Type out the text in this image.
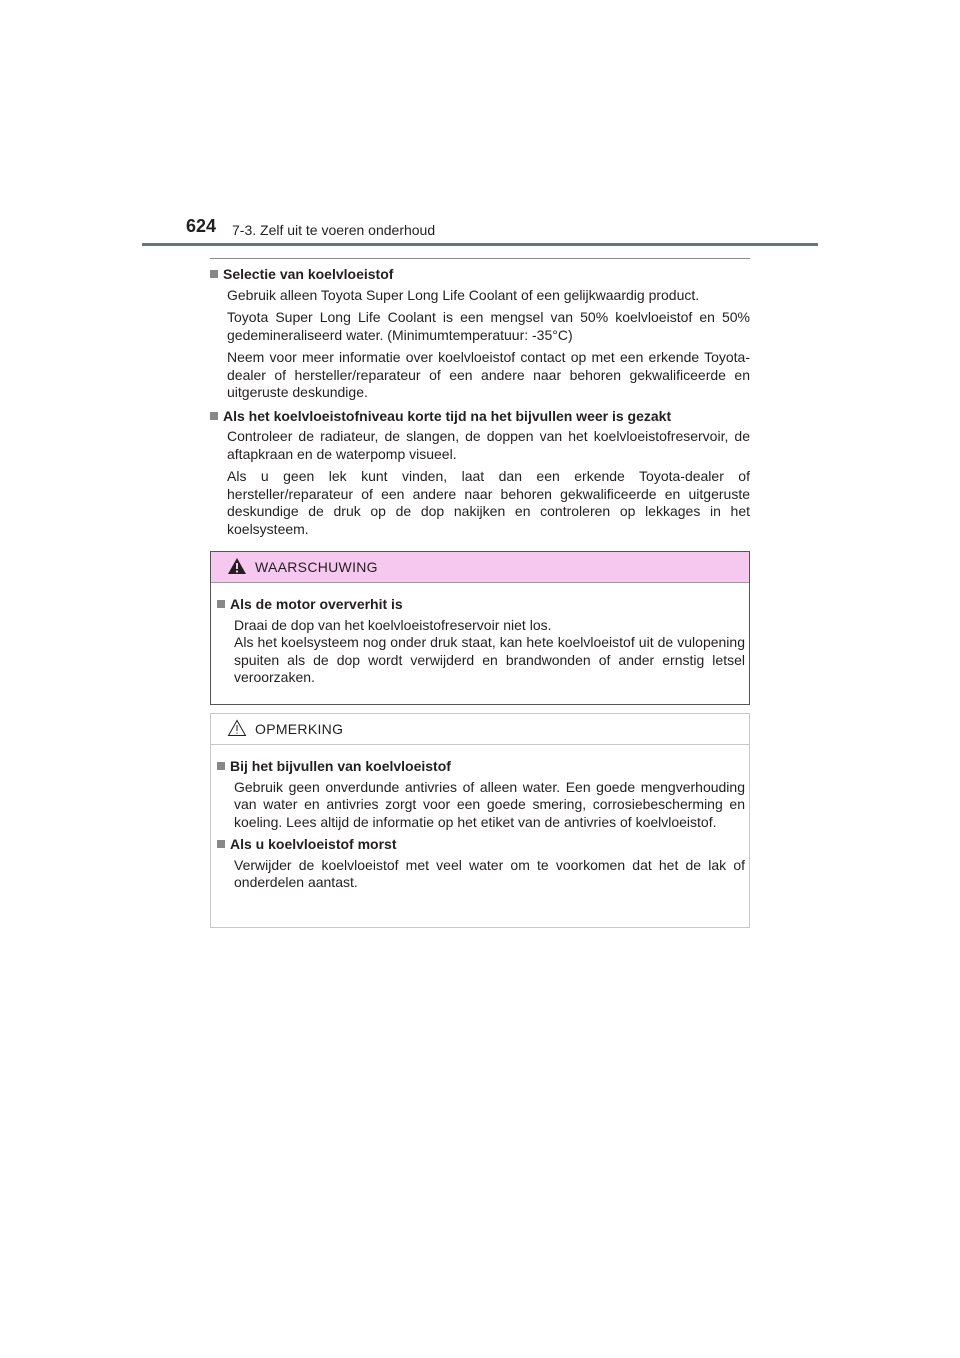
624 7-3. Zelf uit te voeren onderhoud
Selectie van koelvloeistof
Gebruik alleen Toyota Super Long Life Coolant of een gelijkwaardig product.
Toyota Super Long Life Coolant is een mengsel van 50% koelvloeistof en 50% gedemineraliseerd water. (Minimumtemperatuur: -35°C)
Neem voor meer informatie over koelvloeistof contact op met een erkende Toyota-dealer of hersteller/reparateur of een andere naar behoren gekwalificeerde en uitgeruste deskundige.
Als het koelvloeistofniveau korte tijd na het bijvullen weer is gezakt
Controleer de radiateur, de slangen, de doppen van het koelvloeistofreservoir, de aftapkraan en de waterpomp visueel.
Als u geen lek kunt vinden, laat dan een erkende Toyota-dealer of hersteller/reparateur of een andere naar behoren gekwalificeerde en uitgeruste deskundige de druk op de dop nakijken en controleren op lekkages in het koelsysteem.
WAARSCHUWING
Als de motor oververhit is
Draai de dop van het koelvloeistofreservoir niet los.
Als het koelsysteem nog onder druk staat, kan hete koelvloeistof uit de vulopening spuiten als de dop wordt verwijderd en brandwonden of ander ernstig letsel veroorzaken.
OPMERKING
Bij het bijvullen van koelvloeistof
Gebruik geen onverdunde antivries of alleen water. Een goede mengverhouding van water en antivries zorgt voor een goede smering, corrosiebescherming en koeling. Lees altijd de informatie op het etiket van de antivries of koelvloeistof.
Als u koelvloeistof morst
Verwijder de koelvloeistof met veel water om te voorkomen dat het de lak of onderdelen aantast.
